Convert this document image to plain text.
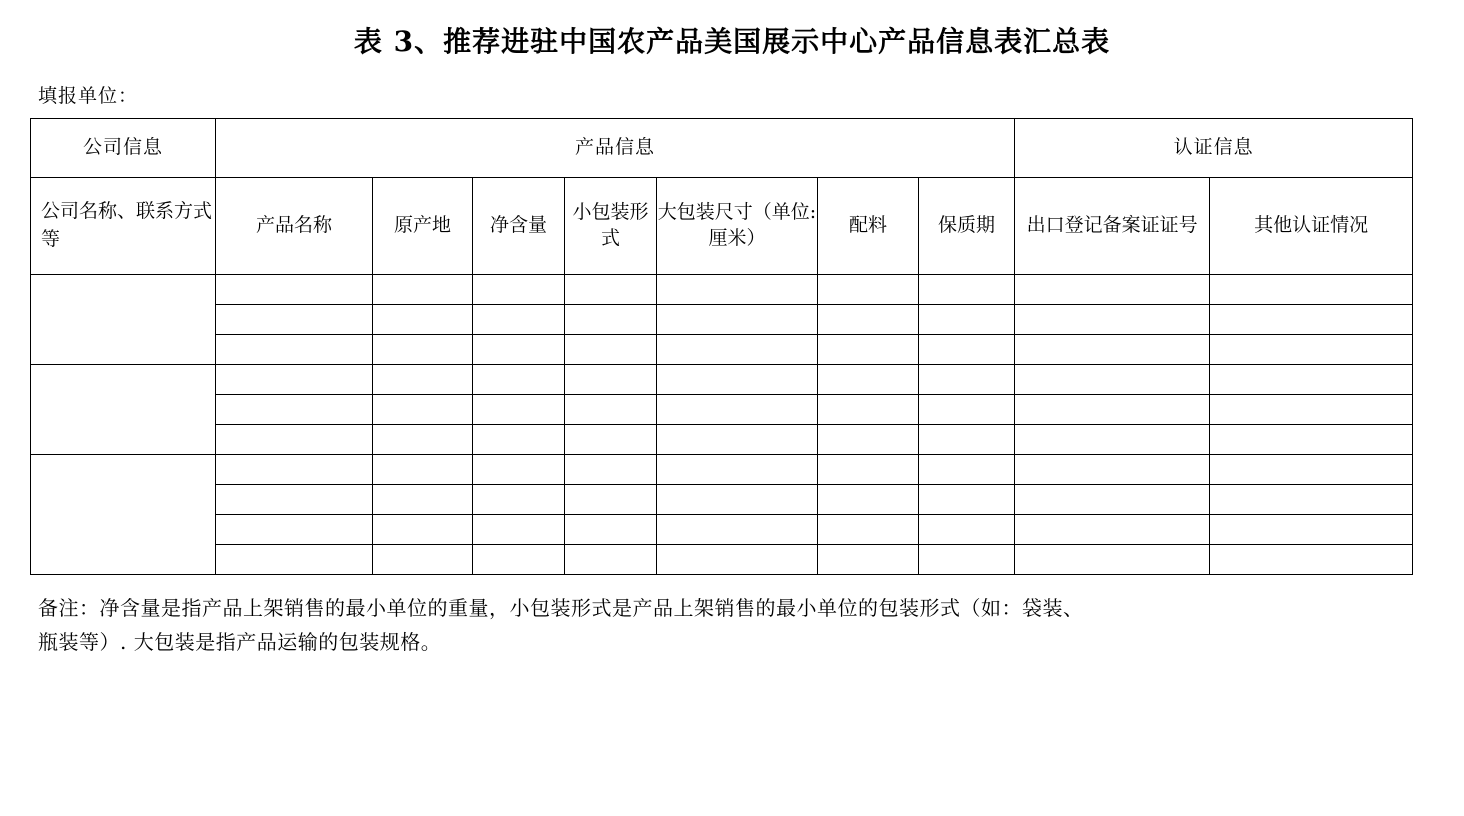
表 3、推荐进驻中国农产品美国展示中心产品信息表汇总表
填报单位：
公司信息	产品信息							认证信息	
公司名称、联系方式等	产品名称	原产地	净含量	小包装形式	大包装尺寸（单位: 厘米）	配料	保质期	出口登记备案证证号	其他认证情况

备注：净含量是指产品上架销售的最小单位的重量，小包装形式是产品上架销售的最小单位的包装形式（如：袋装、
瓶装等）. 大包装是指产品运输的包装规格。
